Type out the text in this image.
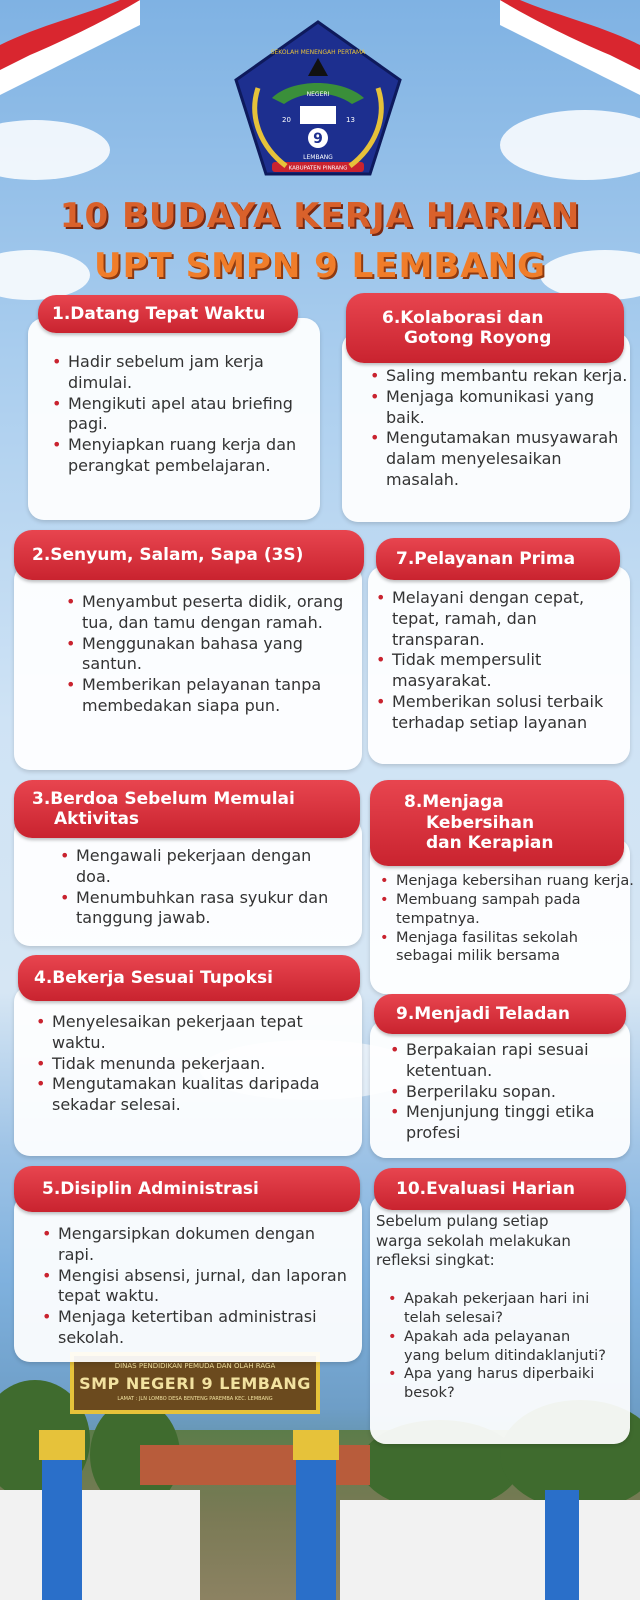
DINAS PENDIDIKAN PEMUDA DAN OLAH RAGA
SMP NEGERI 9 LEMBANG
LAMAT : JLN LOMBO DESA BENTENG PAREMBA KEC. LEMBANG
9
20	13
SEKOLAH MENENGAH PERTAMA
NEGERI
LEMBANG
KABUPATEN PINRANG
10 BUDAYA KERJA HARIAN
UPT SMPN 9 LEMBANG
1.Datang Tepat Waktu
• Hadir sebelum jam kerja dimulai.
• Mengikuti apel atau briefing pagi.
• Menyiapkan ruang kerja dan perangkat pembelajaran.
6.Kolaborasi dan
Gotong Royong
• Saling membantu rekan kerja.
• Menjaga komunikasi yang baik.
• Mengutamakan musyawarah dalam menyelesaikan masalah.
2.Senyum, Salam, Sapa (3S)
• Menyambut peserta didik, orang tua, dan tamu dengan ramah.
• Menggunakan bahasa yang santun.
• Memberikan pelayanan tanpa membedakan siapa pun.
7.Pelayanan Prima
• Melayani dengan cepat, tepat, ramah, dan transparan.
• Tidak mempersulit masyarakat.
• Memberikan solusi terbaik terhadap setiap layanan
3.Berdoa Sebelum Memulai
Aktivitas
• Mengawali pekerjaan dengan doa.
• Menumbuhkan rasa syukur dan tanggung jawab.
8.Menjaga
Kebersihan
dan Kerapian
• Menjaga kebersihan ruang kerja.
• Membuang sampah pada tempatnya.
• Menjaga fasilitas sekolah sebagai milik bersama
4.Bekerja Sesuai Tupoksi
• Menyelesaikan pekerjaan tepat waktu.
• Tidak menunda pekerjaan.
• Mengutamakan kualitas daripada sekadar selesai.
9.Menjadi Teladan
• Berpakaian rapi sesuai ketentuan.
• Berperilaku sopan.
• Menjunjung tinggi etika profesi
5.Disiplin Administrasi
• Mengarsipkan dokumen dengan rapi.
• Mengisi absensi, jurnal, dan laporan tepat waktu.
• Menjaga ketertiban administrasi sekolah.
10.Evaluasi Harian
Sebelum pulang setiap warga sekolah melakukan refleksi singkat:
• Apakah pekerjaan hari ini telah selesai?
• Apakah ada pelayanan yang belum ditindaklanjuti?
• Apa yang harus diperbaiki besok?
